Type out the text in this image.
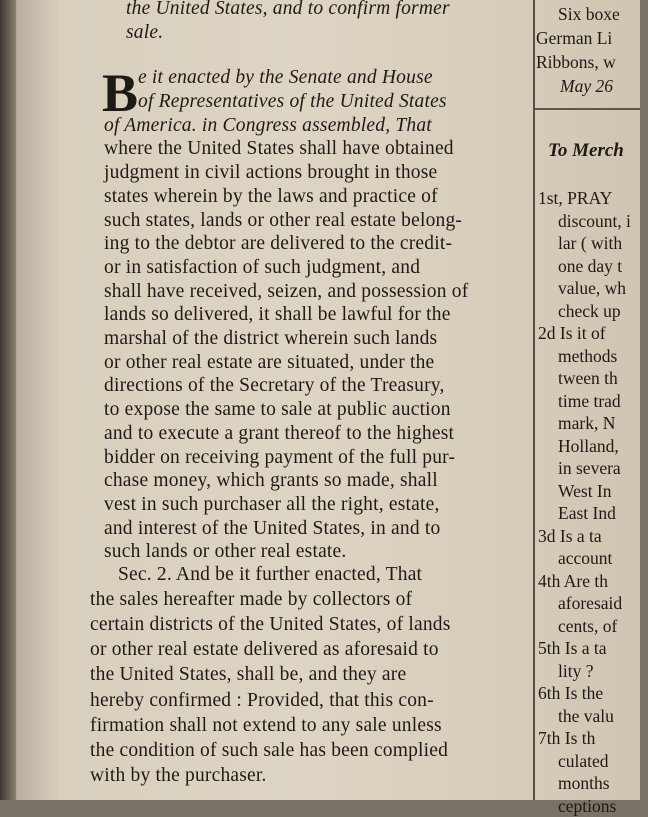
the United States, and to confirm former
sale.
B e it enacted by the Senate and House
of Representatives of the United States
of America. in Congress assembled, That
where the United States shall have obtained
judgment in civil actions brought in those
states wherein by the laws and practice of
such states, lands or other real estate belong-
ing to the debtor are delivered to the credit-
or in satisfaction of such judgment, and
shall have received, seizen, and possession of
lands so delivered, it shall be lawful for the
marshal of the district wherein such lands
or other real estate are situated, under the
directions of the Secretary of the Treasury,
to expose the same to sale at public auction
and to execute a grant thereof to the highest
bidder on receiving payment of the full pur-
chase money, which grants so made, shall
vest in such purchaser all the right, estate,
and interest of the United States, in and to
such lands or other real estate.
Sec. 2. And be it further enacted, That
the sales hereafter made by collectors of
certain districts of the United States, of lands
or other real estate delivered as aforesaid to
the United States, shall be, and they are
hereby confirmed : Provided, that this con-
firmation shall not extend to any sale unless
the condition of such sale has been complied
with by the purchaser.
Six boxe
German Li
Ribbons, w
May 26
To Merch
1st, PRAY
discount, i
lar ( with
one day t
value, wh
check up
2d Is it of
methods
tween th
time trad
mark, N
Holland,
in severa
West In
East Ind
3d Is a ta
account
4th Are th
aforesaid
cents, of
5th Is a ta
lity ?
6th Is the
the valu
7th Is th
culated
months
ceptions
